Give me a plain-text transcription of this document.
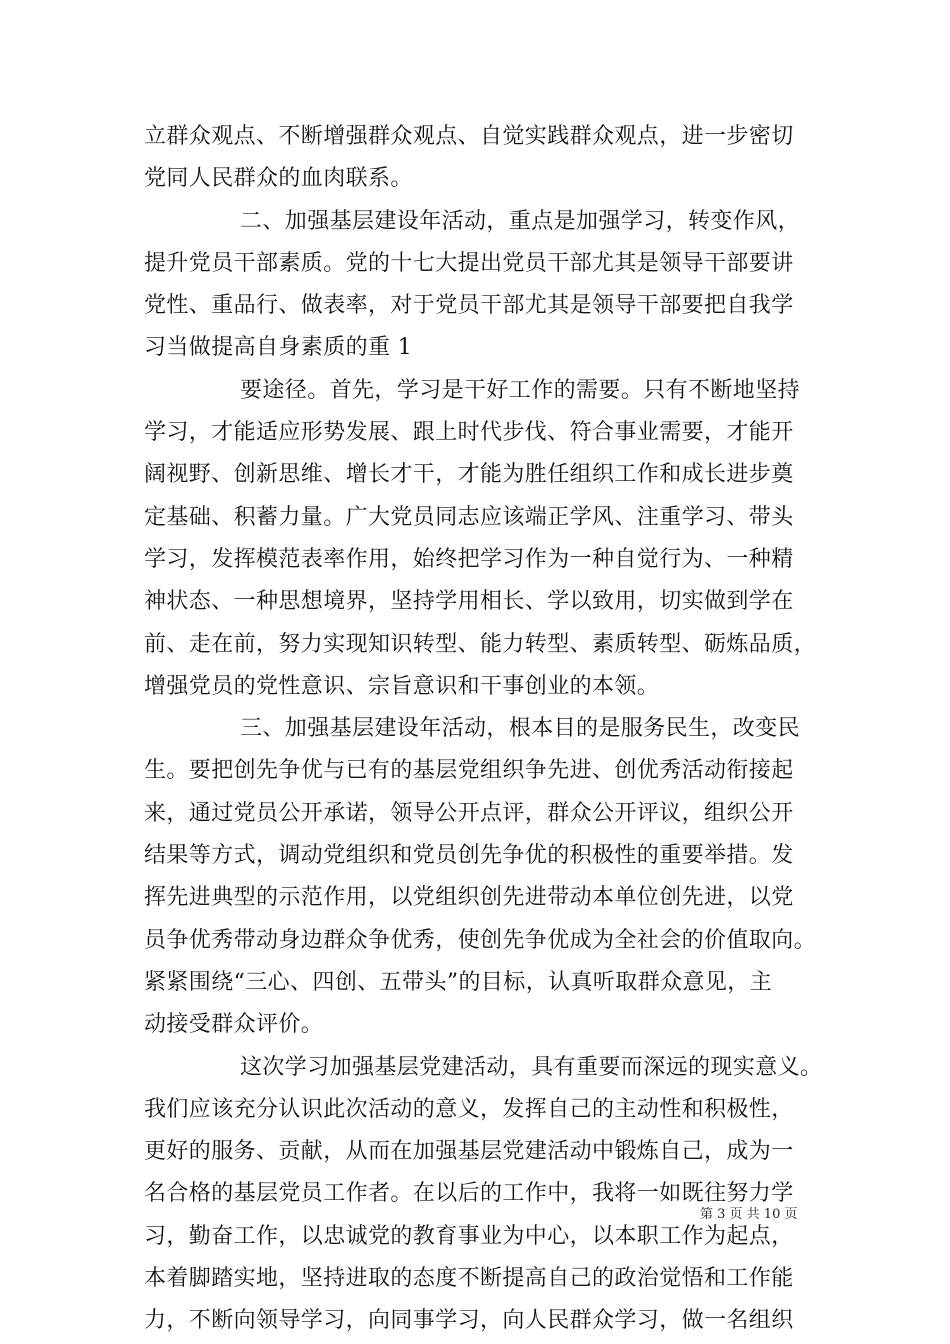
立群众观点、不断增强群众观点、自觉实践群众观点，进一步密切
党同人民群众的血肉联系。
二、加强基层建设年活动，重点是加强学习，转变作风，
提升党员干部素质。党的十七大提出党员干部尤其是领导干部要讲
党性、重品行、做表率，对于党员干部尤其是领导干部要把自我学
习当做提高自身素质的重 1
要途径。首先，学习是干好工作的需要。只有不断地坚持
学习，才能适应形势发展、跟上时代步伐、符合事业需要，才能开
阔视野、创新思维、增长才干，才能为胜任组织工作和成长进步奠
定基础、积蓄力量。广大党员同志应该端正学风、注重学习、带头
学习，发挥模范表率作用，始终把学习作为一种自觉行为、一种精
神状态、一种思想境界，坚持学用相长、学以致用，切实做到学在
前、走在前，努力实现知识转型、能力转型、素质转型、砺炼品质，
增强党员的党性意识、宗旨意识和干事创业的本领。
三、加强基层建设年活动，根本目的是服务民生，改变民
生。要把创先争优与已有的基层党组织争先进、创优秀活动衔接起
来，通过党员公开承诺，领导公开点评，群众公开评议，组织公开
结果等方式，调动党组织和党员创先争优的积极性的重要举措。发
挥先进典型的示范作用，以党组织创先进带动本单位创先进，以党
员争优秀带动身边群众争优秀，使创先争优成为全社会的价值取向。
紧紧围绕“三心、四创、五带头”的目标，认真听取群众意见，主
动接受群众评价。
这次学习加强基层党建活动，具有重要而深远的现实意义。
我们应该充分认识此次活动的意义，发挥自己的主动性和积极性，
更好的服务、贡献，从而在加强基层党建活动中锻炼自己，成为一
名合格的基层党员工作者。在以后的工作中，我将一如既往努力学
习，勤奋工作，以忠诚党的教育事业为中心，以本职工作为起点，
本着脚踏实地，坚持进取的态度不断提高自己的政治觉悟和工作能
力，不断向领导学习，向同事学习，向人民群众学习，做一名组织
第 3 页 共 10 页
